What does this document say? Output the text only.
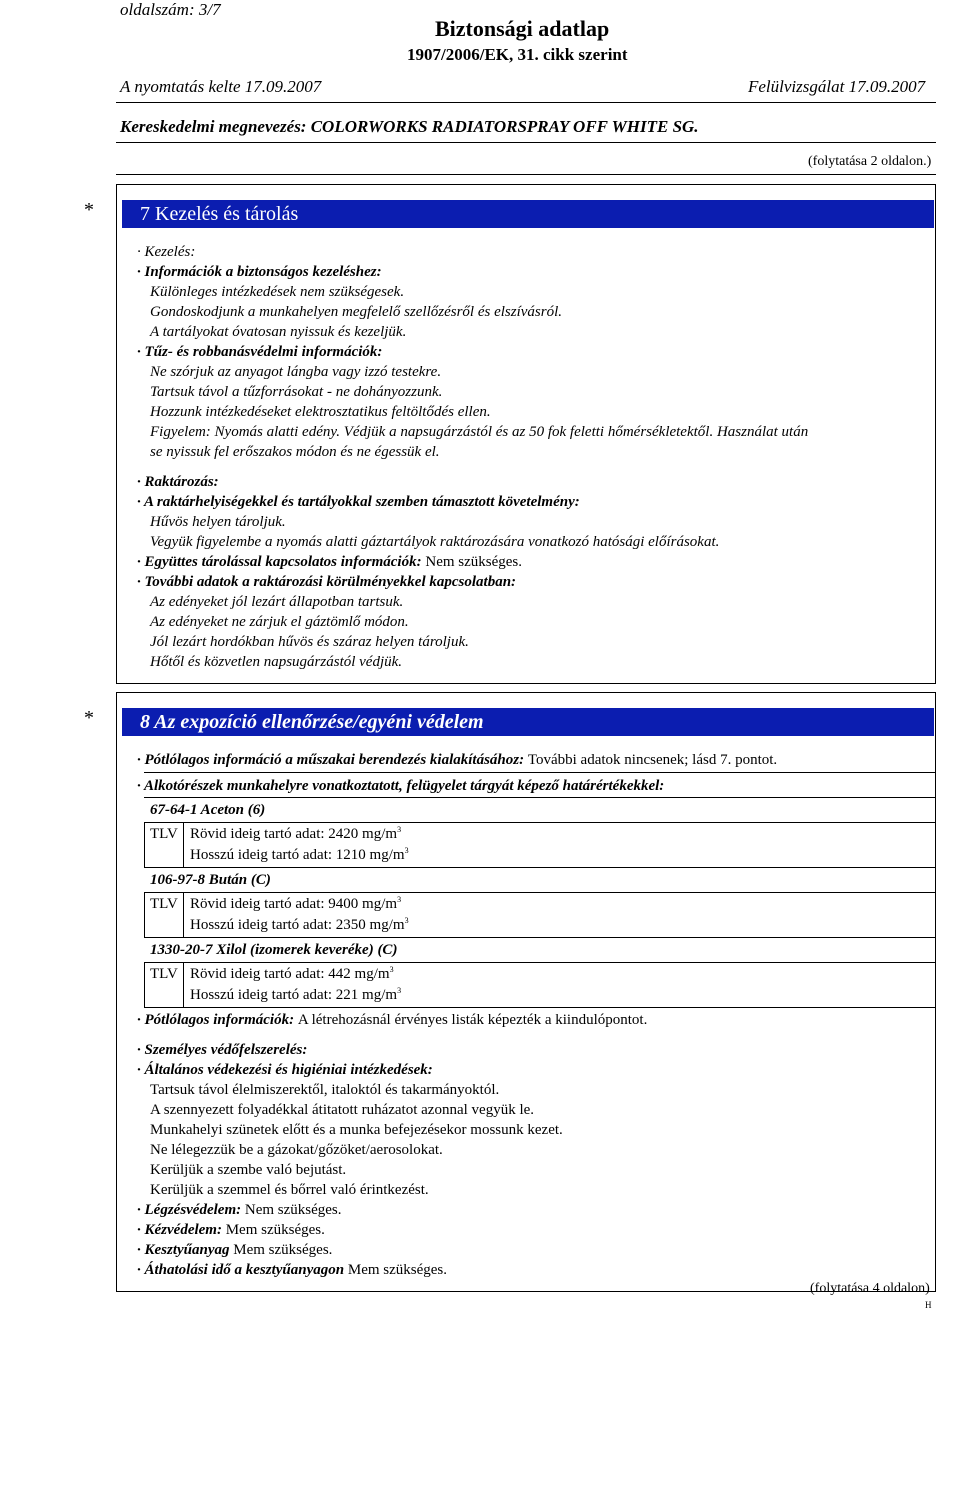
oldalszám: 3/7
Biztonsági adatlap
1907/2006/EK, 31. cikk szerint
A nyomtatás kelte 17.09.2007	Felülvizsgálat 17.09.2007
Kereskedelmi megnevezés: COLORWORKS RADIATORSPRAY OFF WHITE SG.
(folytatása 2 oldalon.)
*	7 Kezelés és tárolás
· Kezelés:
· Információk a biztonságos kezeléshez:
Különleges intézkedések nem szükségesek.
Gondoskodjunk a munkahelyen megfelelő szellőzésről és elszívásról.
A tartályokat óvatosan nyissuk és kezeljük.
· Tűz- és robbanásvédelmi információk:
Ne szórjuk az anyagot lángba vagy izzó testekre.
Tartsuk távol a tűzforrásokat - ne dohányozzunk.
Hozzunk intézkedéseket elektrosztatikus feltöltődés ellen.
Figyelem: Nyomás alatti edény. Védjük a napsugárzástól és az 50 fok feletti hőmérsékletektől. Használat után
se nyissuk fel erőszakos módon és ne égessük el.
· Raktározás:
· A raktárhelyiségekkel és tartályokkal szemben támasztott követelmény:
Hűvös helyen tároljuk.
Vegyük figyelembe a nyomás alatti gáztartályok raktározására vonatkozó hatósági előírásokat.
· Együttes tárolással kapcsolatos információk: Nem szükséges.
· További adatok a raktározási körülményekkel kapcsolatban:
Az edényeket jól lezárt állapotban tartsuk.
Az edényeket ne zárjuk el gáztömlő módon.
Jól lezárt hordókban hűvös és száraz helyen tároljuk.
Hőtől és közvetlen napsugárzástól védjük.
*	8 Az expozíció ellenőrzése/egyéni védelem
· Pótlólagos információ a műszakai berendezés kialakításához: További adatok nincsenek; lásd 7. pontot.
· Alkotórészek munkahelyre vonatkoztatott, felügyelet tárgyát képező határértékekkel:
67-64-1 Aceton (6)
TLV Rövid ideig tartó adat: 2420 $mg/m^3$
Hosszú ideig tartó adat: 1210 $mg/m^3$
106-97-8 Bután (C)
TLV Rövid ideig tartó adat: 9400 $mg/m^3$
Hosszú ideig tartó adat: 2350 $mg/m^3$
1330-20-7 Xilol (izomerek keveréke) (C)
TLV Rövid ideig tartó adat: 442 $mg/m^3$
Hosszú ideig tartó adat: 221 $mg/m^3$
· Pótlólagos információk: A létrehozásnál érvényes listák képezték a kiindulópontot.
· Személyes védőfelszerelés:
· Általános védekezési és higiéniai intézkedések:
Tartsuk távol élelmiszerektől, italoktól és takarmányoktól.
A szennyezett folyadékkal átitatott ruházatot azonnal vegyük le.
Munkahelyi szünetek előtt és a munka befejezésekor mossunk kezet.
Ne lélegezzük be a gázokat/gőzöket/aerosolokat.
Kerüljük a szembe való bejutást.
Kerüljük a szemmel és bőrrel való érintkezést.
· Légzésvédelem: Nem szükséges.
· Kézvédelem: Mem szükséges.
· Kesztyűanyag Mem szükséges.
· Áthatolási idő a kesztyűanyagon Mem szükséges.
(folytatása 4 oldalon)
H
